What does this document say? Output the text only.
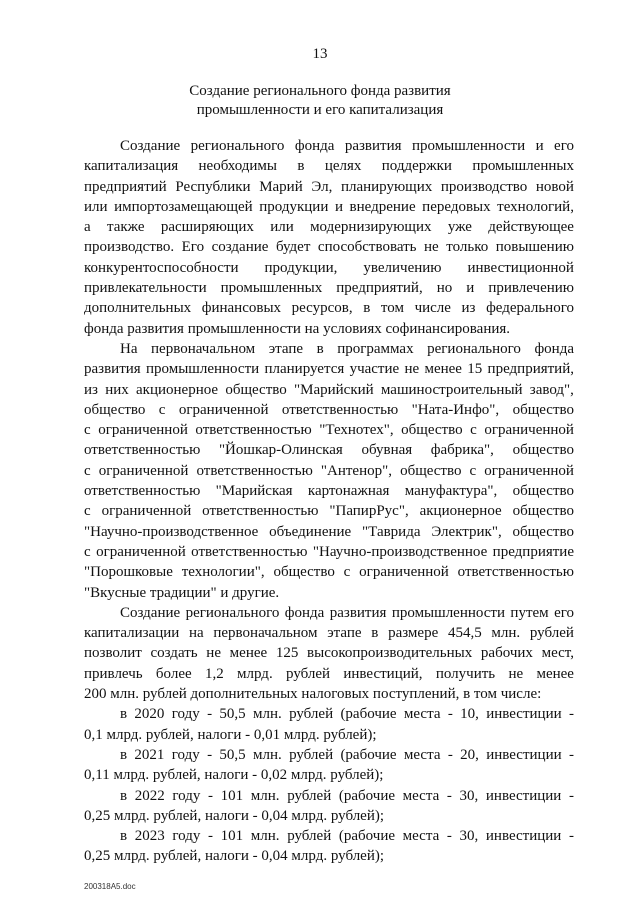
13
Создание регионального фонда развития
промышленности и его капитализация
Создание регионального фонда развития промышленности и его
капитализация необходимы в целях поддержки промышленных
предприятий Республики Марий Эл, планирующих производство новой
или импортозамещающей продукции и внедрение передовых технологий,
а также расширяющих или модернизирующих уже действующее
производство. Его создание будет способствовать не только повышению
конкурентоспособности продукции, увеличению инвестиционной
привлекательности промышленных предприятий, но и привлечению
дополнительных финансовых ресурсов, в том числе из федерального
фонда развития промышленности на условиях софинансирования.
На первоначальном этапе в программах регионального фонда
развития промышленности планируется участие не менее 15 предприятий,
из них акционерное общество "Марийский машиностроительный завод",
общество с ограниченной ответственностью "Ната-Инфо", общество
с ограниченной ответственностью "Технотех", общество с ограниченной
ответственностью "Йошкар-Олинская обувная фабрика", общество
с ограниченной ответственностью "Антенор", общество с ограниченной
ответственностью "Марийская картонажная мануфактура", общество
с ограниченной ответственностью "ПапирРус", акционерное общество
"Научно-производственное объединение "Таврида Электрик", общество
с ограниченной ответственностью "Научно-производственное предприятие
"Порошковые технологии", общество с ограниченной ответственностью
"Вкусные традиции" и другие.
Создание регионального фонда развития промышленности путем его
капитализации на первоначальном этапе в размере 454,5 млн. рублей
позволит создать не менее 125 высокопроизводительных рабочих мест,
привлечь более 1,2 млрд. рублей инвестиций, получить не менее
200 млн. рублей дополнительных налоговых поступлений, в том числе:
в 2020 году - 50,5 млн. рублей (рабочие места - 10, инвестиции -
0,1 млрд. рублей, налоги - 0,01 млрд. рублей);
в 2021 году - 50,5 млн. рублей (рабочие места - 20, инвестиции -
0,11 млрд. рублей, налоги - 0,02 млрд. рублей);
в 2022 году - 101 млн. рублей (рабочие места - 30, инвестиции -
0,25 млрд. рублей, налоги - 0,04 млрд. рублей);
в 2023 году - 101 млн. рублей (рабочие места - 30, инвестиции -
0,25 млрд. рублей, налоги - 0,04 млрд. рублей);
200318A5.doc
